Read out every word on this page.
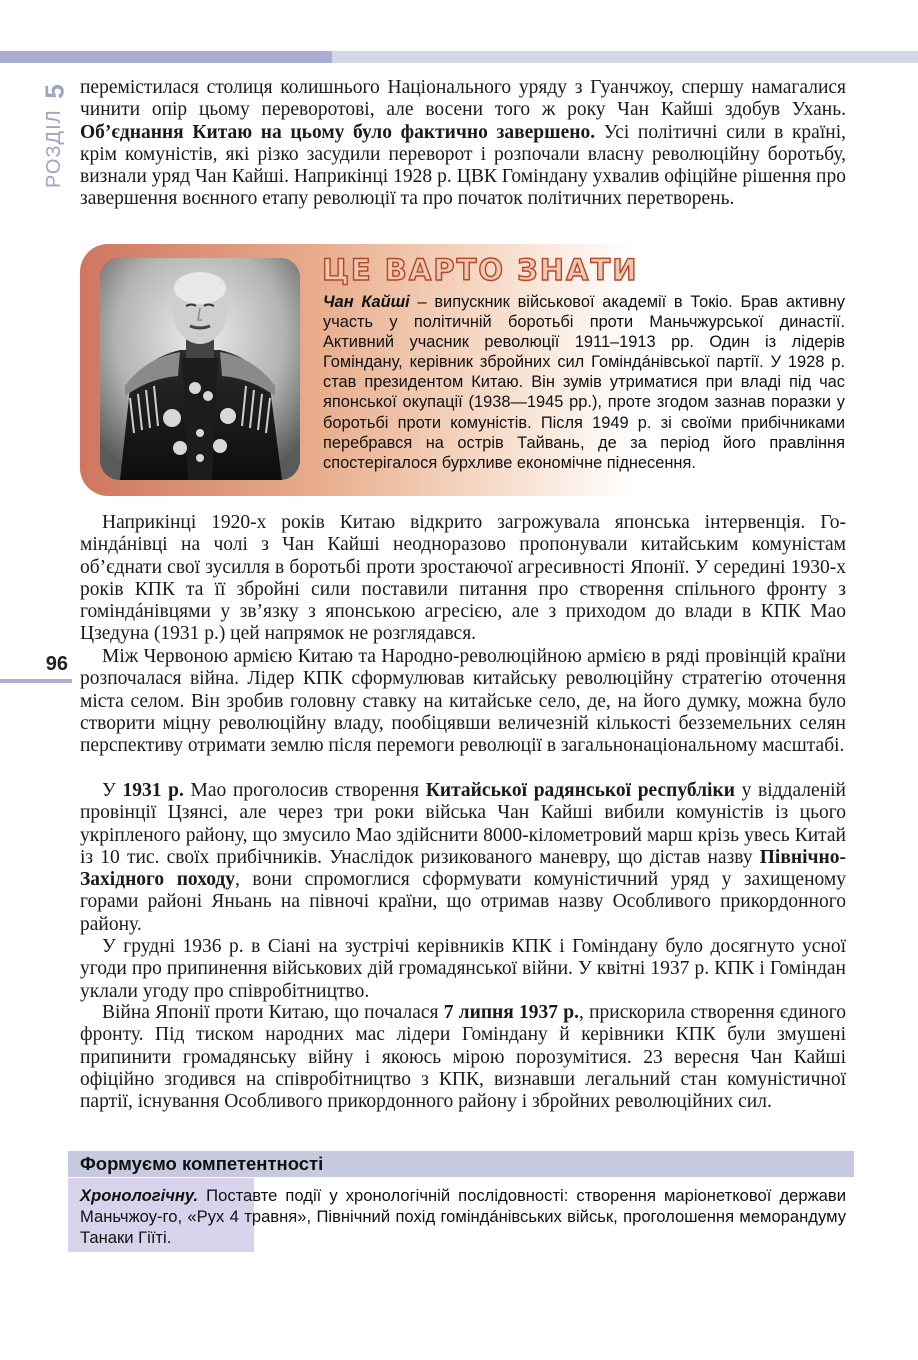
5
РОЗДІЛ
96

перемістилася столиця колишнього Національного уряду з Гуанчжоу, спершу намагалися чинити опір цьому переворотові, але восени того ж року Чан Кайші здобув Ухань. Об’єднання Китаю на цьому було фактично завершено. Усі політичні сили в країні, крім комуністів, які різко засудили переворот і розпочали власну революційну боротьбу, визнали уряд Чан Кайші. Наприкінці 1928 р. ЦВК Гоміндану ухвалив офіційне рішення про завершення воєнного етапу революції та про початок політичних перетворень.

ЦЕ ВАРТО ЗНАТИ

Чан Кайші – випускник військової академії в Токіо. Брав активну участь у політичній боротьбі проти Маньчжурської династії. Активний учасник революції 1911–1913 рр. Один із лідерів Гоміндану, керівник збройних сил Гоміндáнівської партії. У 1928 р. став президентом Китаю. Він зумів утриматися при владі під час японської окупації (1938—1945 рр.), проте згодом зазнав поразки у боротьбі проти комуністів. Після 1949 р. зі своїми прибічниками перебрався на острів Тайвань, де за період його правління спостерігалося бурхливе економічне піднесення.

Наприкінці 1920-х років Китаю відкрито загрожувала японська інтервенція. Гоміндáнівці на чолі з Чан Кайші неодноразово пропонували китайським комуністам об’єднати свої зусилля в боротьбі проти зростаючої агресивності Японії. У середині 1930-х років КПК та її збройні сили поставили питання про створення спільного фронту з гоміндáнівцями у зв’язку з японською агресією, але з приходом до влади в КПК Мао Цзедуна (1931 р.) цей напрямок не розглядався.

Між Червоною армією Китаю та Народно-революційною армією в ряді провінцій країни розпочалася війна. Лідер КПК сформулював китайську революційну стратегію оточення міста селом. Він зробив головну ставку на китайське село, де, на його думку, можна було створити міцну революційну владу, пообіцявши величезній кількості безземельних селян перспективу отримати землю після перемоги революції в загальнонаціональному масштабі.

У 1931 р. Мао проголосив створення Китайської радянської республіки у віддаленій провінції Цзянсі, але через три роки війська Чан Кайші вибили комуністів із цього укріпленого району, що змусило Мао здійснити 8000-кілометровий марш крізь увесь Китай із 10 тис. своїх прибічників. Унаслідок ризикованого маневру, що дістав назву Північно-Західного походу, вони спромоглися сформувати комуністичний уряд у захищеному горами районі Яньань на півночі країни, що отримав назву Особливого прикордонного району.

У грудні 1936 р. в Сіані на зустрічі керівників КПК і Гоміндану було досягнуто усної угоди про припинення військових дій громадянської війни. У квітні 1937 р. КПК і Гоміндан уклали угоду про співробітництво.

Війна Японії проти Китаю, що почалася 7 липня 1937 р., прискорила створення єдиного фронту. Під тиском народних мас лідери Гоміндану й керівники КПК були змушені припинити громадянську війну і якоюсь мірою порозумітися. 23 вересня Чан Кайші офіційно згодився на співробітництво з КПК, визнавши легальний стан комуністичної партії, існування Особливого прикордонного району і збройних революційних сил.

Формуємо компетентності

Хронологічну. Поставте події у хронологічній послідовності: створення маріонеткової держави Маньчжоу-го, «Рух 4 травня», Північний похід гоміндáнівських військ, проголошення меморандуму Танаки Гіїті.
